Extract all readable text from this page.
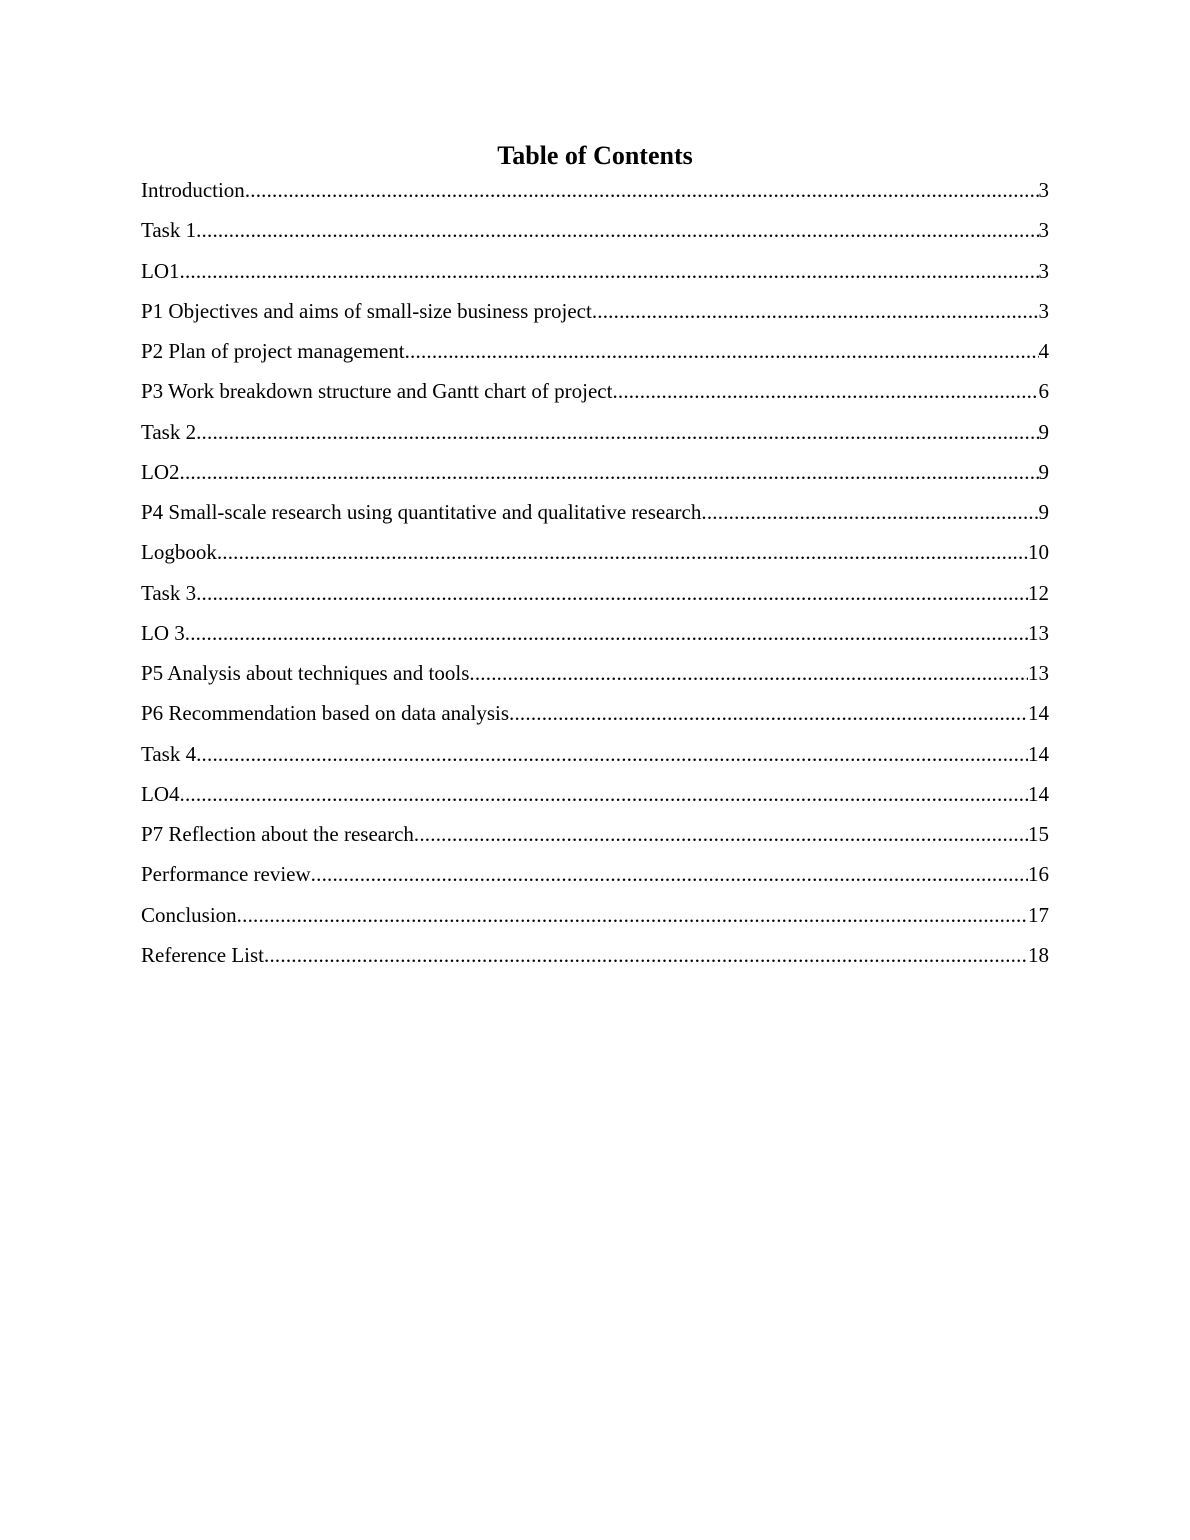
Table of Contents
Introduction .....	3
Task 1 .....	3
LO1 .....	3
P1 Objectives and aims of small-size business project .....	3
P2 Plan of project management .....	4
P3 Work breakdown structure and Gantt chart of project .....	6
Task 2 .....	9
LO2 .....	9
P4 Small-scale research using quantitative and qualitative research .....	9
Logbook .....	10
Task 3 .....	12
LO 3 .....	13
P5 Analysis about techniques and tools .....	13
P6 Recommendation based on data analysis .....	14
Task 4 .....	14
LO4 .....	14
P7 Reflection about the research .....	15
Performance review .....	16
Conclusion .....	17
Reference List .....	18
